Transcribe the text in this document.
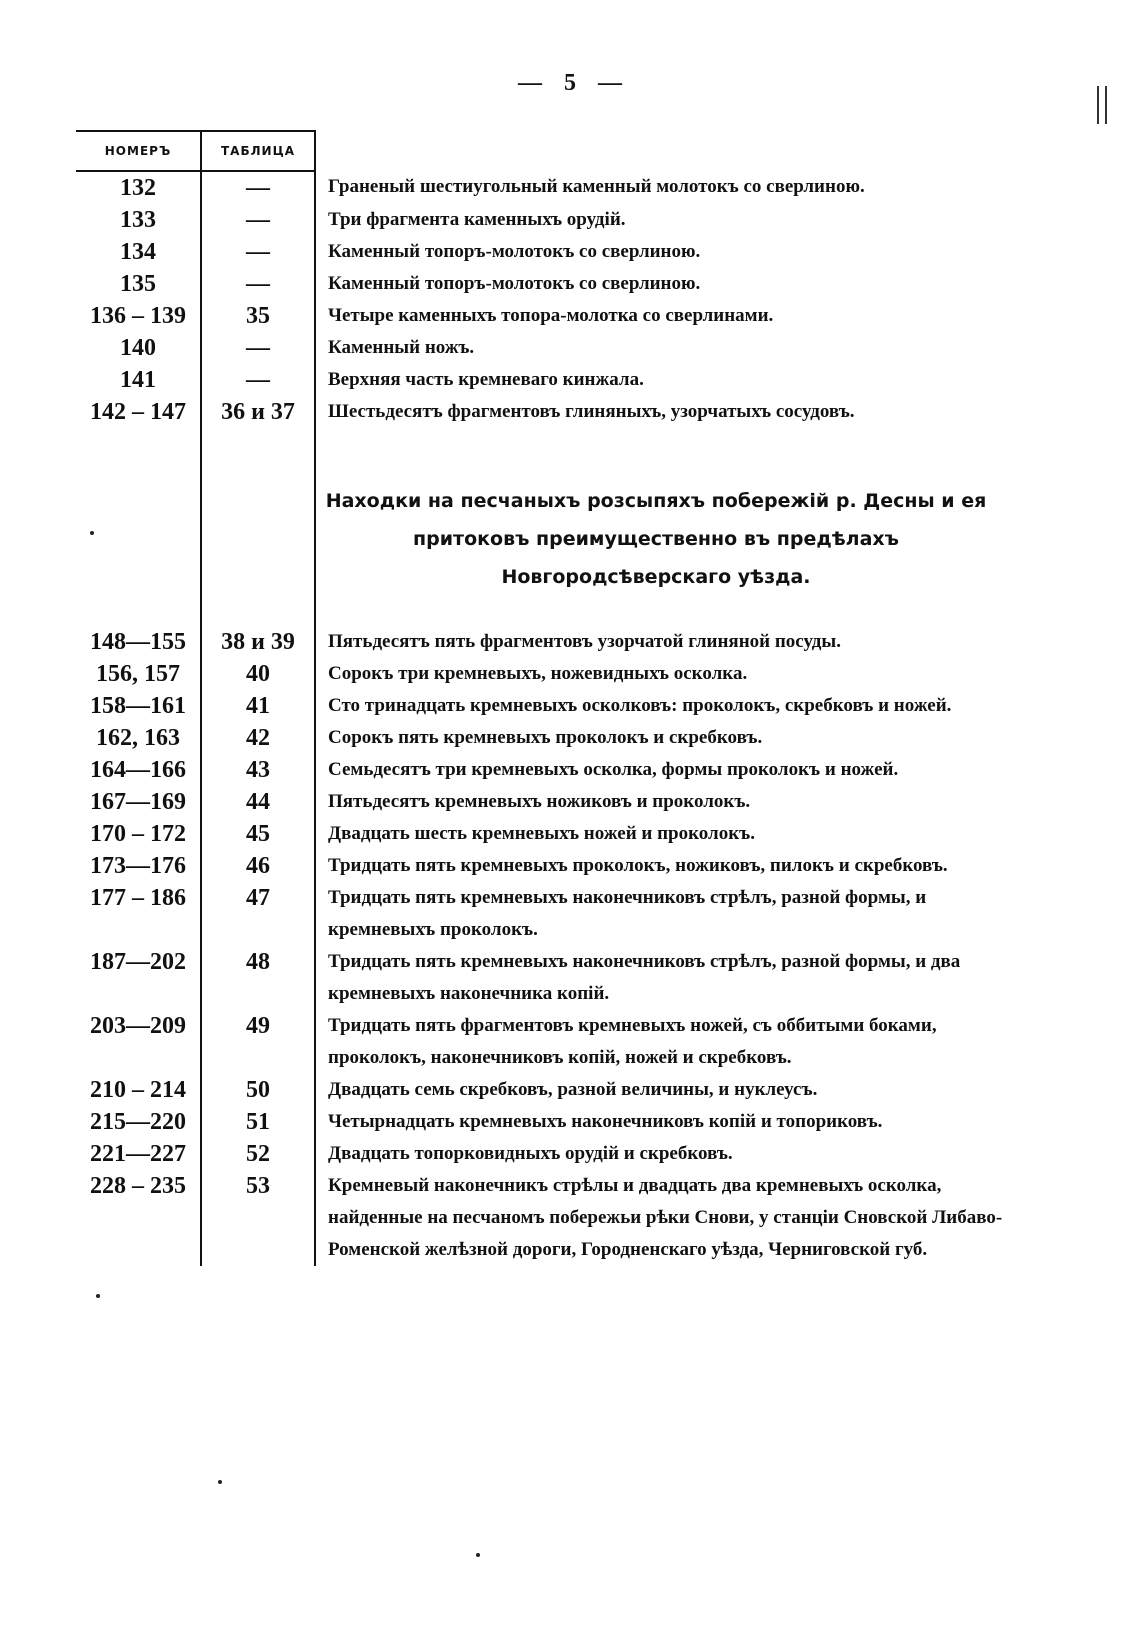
— 5 —
НОМЕРЪ	ТАБЛИЦА	
132	—	Граненый шестиугольный каменный молотокъ со сверлиною.
133	—	Три фрагмента каменныхъ орудій.
134	—	Каменный топоръ-молотокъ со сверлиною.
135	—	Каменный топоръ-молотокъ со сверлиною.
136 – 139	35	Четыре каменныхъ топора-молотка со сверлинами.
140	—	Каменный ножъ.
141	—	Верхняя часть кремневаго кинжала.
142 – 147	36 и 37	Шестьдесятъ фрагментовъ глиняныхъ, узорчатыхъ сосудовъ.
		Находки на песчаныхъ розсыпяхъ побережій р. Десны и ея притоковъ преимущественно въ предѣлахъ Новгородсѣверскаго уѣзда.
148—155	38 и 39	Пятьдесятъ пять фрагментовъ узорчатой глиняной посуды.
156, 157	40	Сорокъ три кремневыхъ, ножевидныхъ осколка.
158—161	41	Сто тринадцать кремневыхъ осколковъ: проколокъ, скребковъ и ножей.
162, 163	42	Сорокъ пять кремневыхъ проколокъ и скребковъ.
164—166	43	Семьдесятъ три кремневыхъ осколка, формы проколокъ и ножей.
167—169	44	Пятьдесятъ кремневыхъ ножиковъ и проколокъ.
170 – 172	45	Двадцать шесть кремневыхъ ножей и проколокъ.
173—176	46	Тридцать пять кремневыхъ проколокъ, ножиковъ, пилокъ и скребковъ.
177 – 186	47	Тридцать пять кремневыхъ наконечниковъ стрѣлъ, разной формы, и кремневыхъ проколокъ.
187—202	48	Тридцать пять кремневыхъ наконечниковъ стрѣлъ, разной формы, и два кремневыхъ наконечника копій.
203—209	49	Тридцать пять фрагментовъ кремневыхъ ножей, съ оббитыми боками, проколокъ, наконечниковъ копій, ножей и скребковъ.
210 – 214	50	Двадцать семь скребковъ, разной величины, и нуклеусъ.
215—220	51	Четырнадцать кремневыхъ наконечниковъ копій и топориковъ.
221—227	52	Двадцать топорковидныхъ орудій и скребковъ.
228 – 235	53	Кремневый наконечникъ стрѣлы и двадцать два кремневыхъ осколка, найденные на песчаномъ побережьи рѣки Снови, у станціи Сновской Либаво-Роменской желѣзной дороги, Городненскаго уѣзда, Черниговской губ.
